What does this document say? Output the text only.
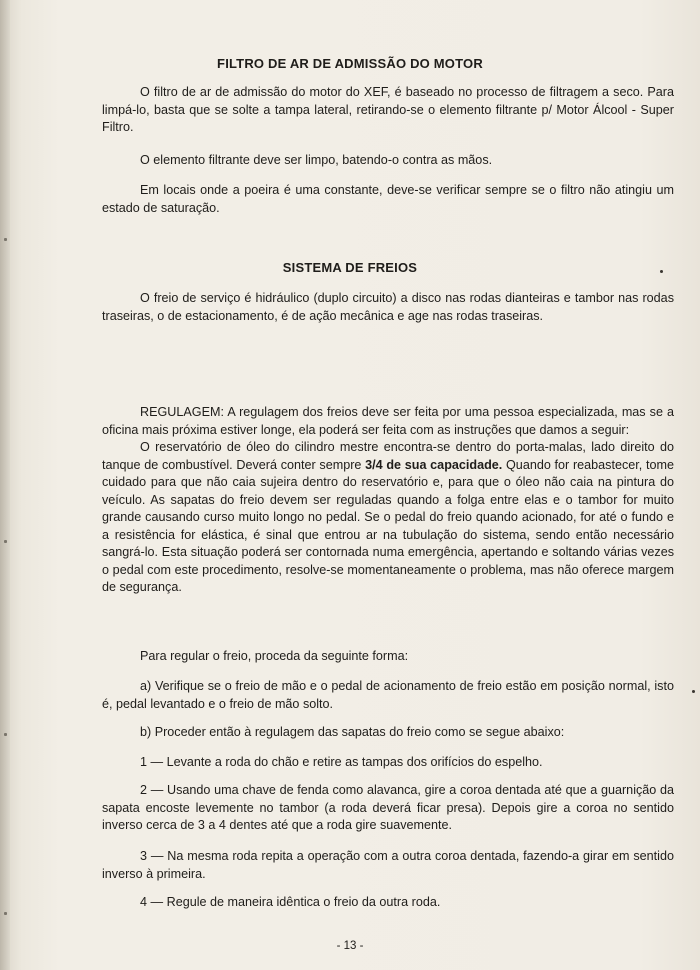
FILTRO DE AR DE ADMISSÃO DO MOTOR

O filtro de ar de admissão do motor do XEF, é baseado no processo de filtragem a seco. Para limpá-lo, basta que se solte a tampa lateral, retirando-se o elemento filtrante p/ Motor Álcool - Super Filtro.

O elemento filtrante deve ser limpo, batendo-o contra as mãos.

Em locais onde a poeira é uma constante, deve-se verificar sempre se o filtro não atingiu um estado de saturação.

SISTEMA DE FREIOS

O freio de serviço é hidráulico (duplo circuito) a disco nas rodas dianteiras e tambor nas rodas traseiras, o de estacionamento, é de ação mecânica e age nas rodas traseiras.

REGULAGEM: A regulagem dos freios deve ser feita por uma pessoa especializada, mas se a oficina mais próxima estiver longe, ela poderá ser feita com as instruções que damos a seguir:

O reservatório de óleo do cilindro mestre encontra-se dentro do porta-malas, lado direito do tanque de combustível. Deverá conter sempre 3/4 de sua capacidade. Quando for reabastecer, tome cuidado para que não caia sujeira dentro do reservatório e, para que o óleo não caia na pintura do veículo. As sapatas do freio devem ser reguladas quando a folga entre elas e o tambor for muito grande causando curso muito longo no pedal. Se o pedal do freio quando acionado, for até o fundo e a resistência for elástica, é sinal que entrou ar na tubulação do sistema, sendo então necessário sangrá-lo. Esta situação poderá ser contornada numa emergência, apertando e soltando várias vezes o pedal com este procedimento, resolve-se momentaneamente o problema, mas não oferece margem de segurança.

Para regular o freio, proceda da seguinte forma:

a) Verifique se o freio de mão e o pedal de acionamento de freio estão em posição normal, isto é, pedal levantado e o freio de mão solto.

b) Proceder então à regulagem das sapatas do freio como se segue abaixo:

1 — Levante a roda do chão e retire as tampas dos orifícios do espelho.

2 — Usando uma chave de fenda como alavanca, gire a coroa dentada até que a guarnição da sapata encoste levemente no tambor (a roda deverá ficar presa). Depois gire a coroa no sentido inverso cerca de 3 a 4 dentes até que a roda gire suavemente.

3 — Na mesma roda repita a operação com a outra coroa dentada, fazendo-a girar em sentido inverso à primeira.

4 — Regule de maneira idêntica o freio da outra roda.

- 13 -
